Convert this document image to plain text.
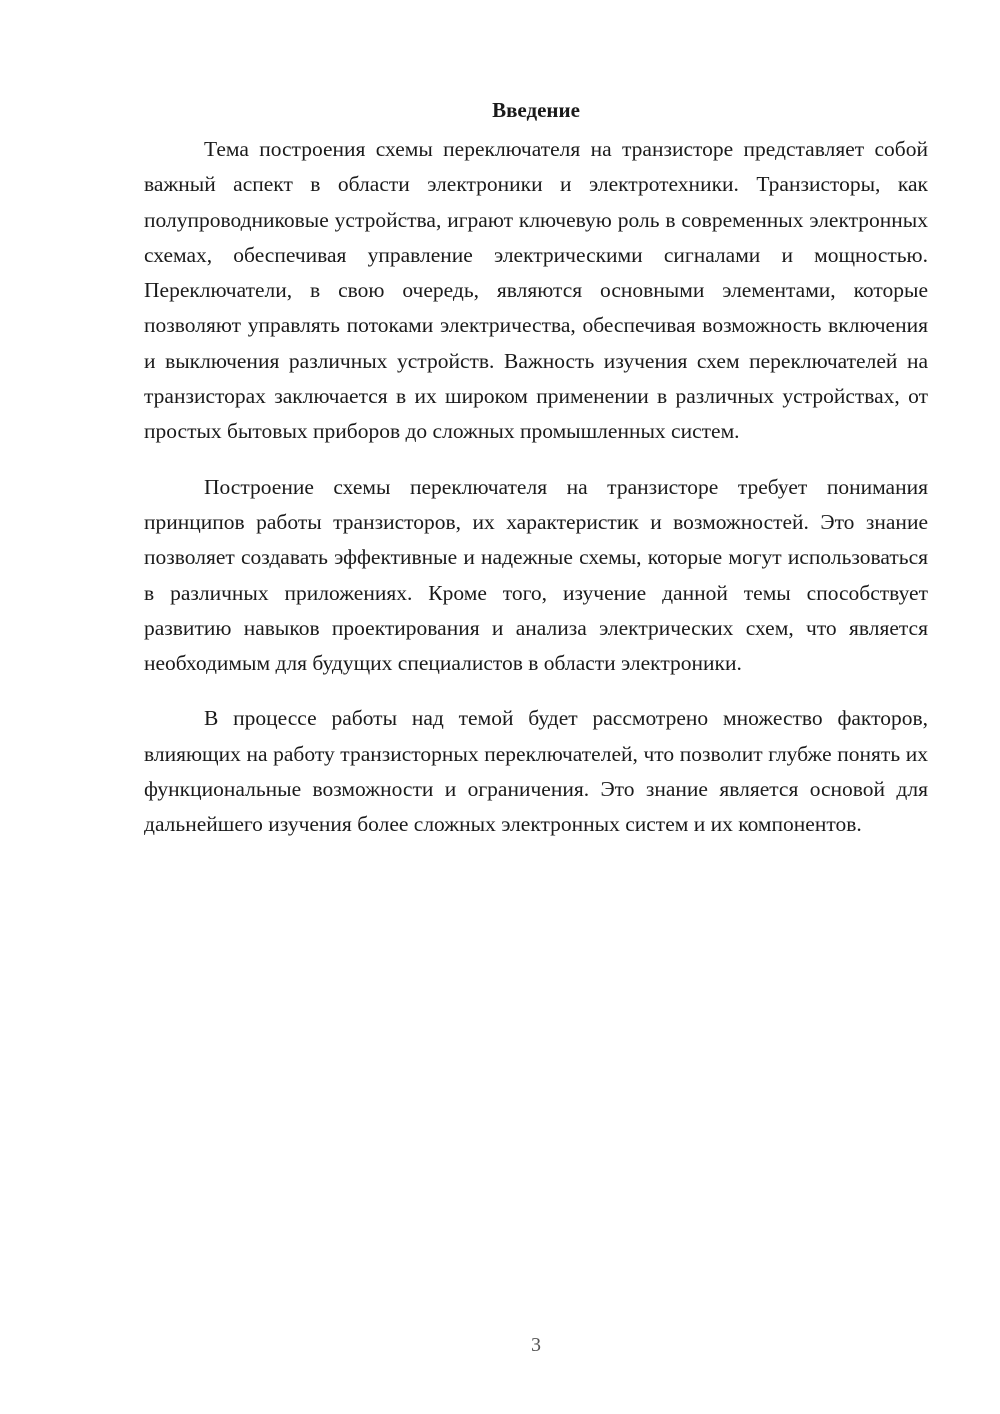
Введение

Тема построения схемы переключателя на транзисторе представляет собой важный аспект в области электроники и электротехники. Транзисторы, как полупроводниковые устройства, играют ключевую роль в современных электронных схемах, обеспечивая управление электрическими сигналами и мощностью. Переключатели, в свою очередь, являются основными элементами, которые позволяют управлять потоками электричества, обеспечивая возможность включения и выключения различных устройств. Важность изучения схем переключателей на транзисторах заключается в их широком применении в различных устройствах, от простых бытовых приборов до сложных промышленных систем.

Построение схемы переключателя на транзисторе требует понимания принципов работы транзисторов, их характеристик и возможностей. Это знание позволяет создавать эффективные и надежные схемы, которые могут использоваться в различных приложениях. Кроме того, изучение данной темы способствует развитию навыков проектирования и анализа электрических схем, что является необходимым для будущих специалистов в области электроники.

В процессе работы над темой будет рассмотрено множество факторов, влияющих на работу транзисторных переключателей, что позволит глубже понять их функциональные возможности и ограничения. Это знание является основой для дальнейшего изучения более сложных электронных систем и их компонентов.

3
